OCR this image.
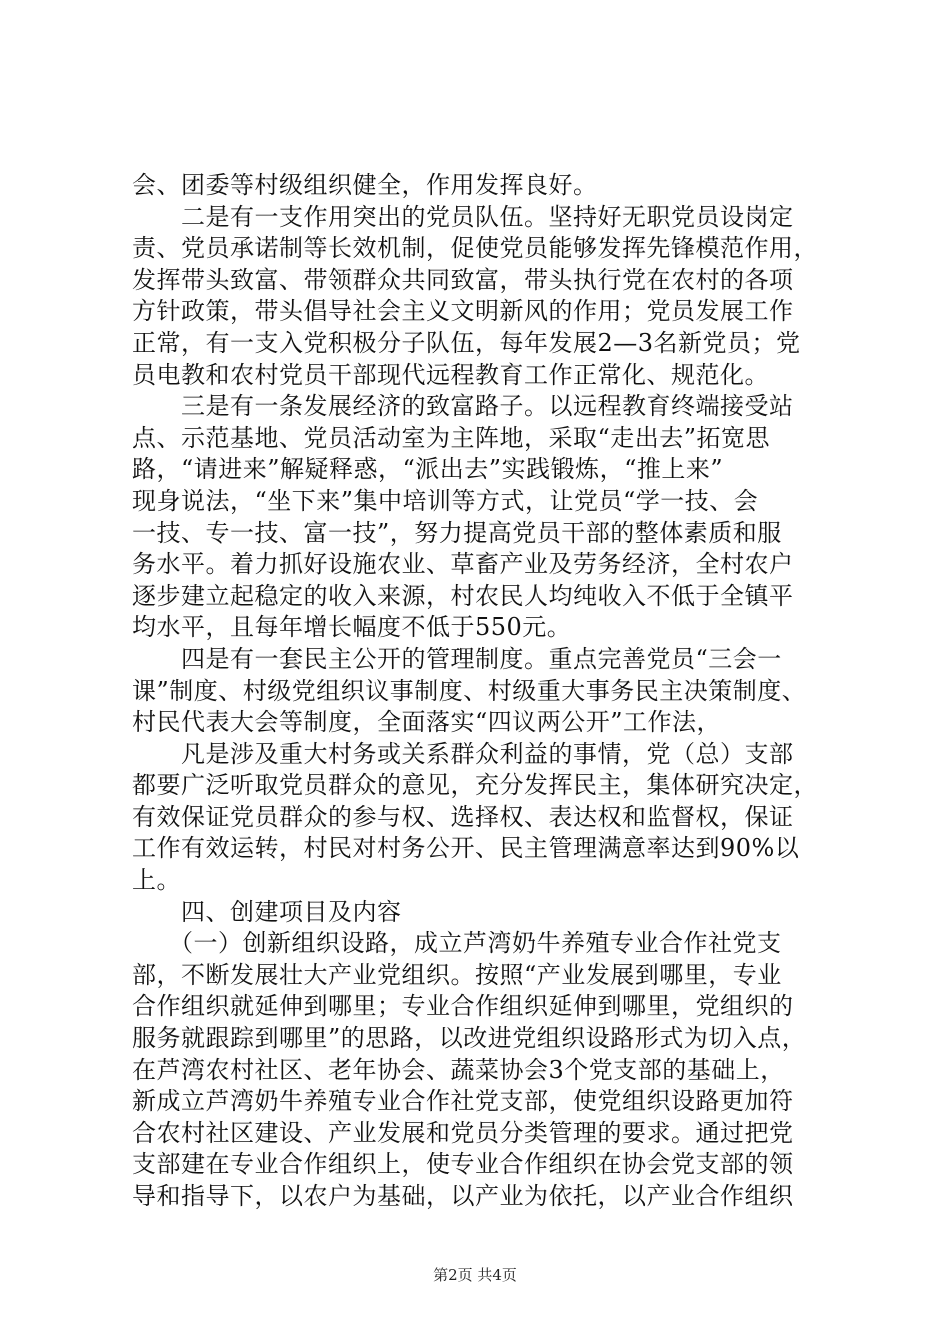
会、团委等村级组织健全，作用发挥良好。
　　二是有一支作用突出的党员队伍。坚持好无职党员设岗定
责、党员承诺制等长效机制，促使党员能够发挥先锋模范作用，
发挥带头致富、带领群众共同致富，带头执行党在农村的各项
方针政策，带头倡导社会主义文明新风的作用；党员发展工作
正常，有一支入党积极分子队伍，每年发展2—3名新党员；党
员电教和农村党员干部现代远程教育工作正常化、规范化。
　　三是有一条发展经济的致富路子。以远程教育终端接受站
点、示范基地、党员活动室为主阵地，采取“走出去”拓宽思
路，“请进来”解疑释惑，“派出去”实践锻炼，“推上来”
现身说法，“坐下来”集中培训等方式，让党员“学一技、会
一技、专一技、富一技”，努力提高党员干部的整体素质和服
务水平。着力抓好设施农业、草畜产业及劳务经济，全村农户
逐步建立起稳定的收入来源，村农民人均纯收入不低于全镇平
均水平，且每年增长幅度不低于550元。
　　四是有一套民主公开的管理制度。重点完善党员“三会一
课”制度、村级党组织议事制度、村级重大事务民主决策制度、
村民代表大会等制度，全面落实“四议两公开”工作法，
　　凡是涉及重大村务或关系群众利益的事情，党（总）支部
都要广泛听取党员群众的意见，充分发挥民主，集体研究决定，
有效保证党员群众的参与权、选择权、表达权和监督权，保证
工作有效运转，村民对村务公开、民主管理满意率达到90%以
上。
　　四、创建项目及内容
　　（一）创新组织设路，成立芦湾奶牛养殖专业合作社党支
部，不断发展壮大产业党组织。按照“产业发展到哪里，专业
合作组织就延伸到哪里；专业合作组织延伸到哪里，党组织的
服务就跟踪到哪里”的思路，以改进党组织设路形式为切入点，
在芦湾农村社区、老年协会、蔬菜协会3个党支部的基础上，
新成立芦湾奶牛养殖专业合作社党支部，使党组织设路更加符
合农村社区建设、产业发展和党员分类管理的要求。通过把党
支部建在专业合作组织上，使专业合作组织在协会党支部的领
导和指导下，以农户为基础，以产业为依托，以产业合作组织
第2页 共4页
